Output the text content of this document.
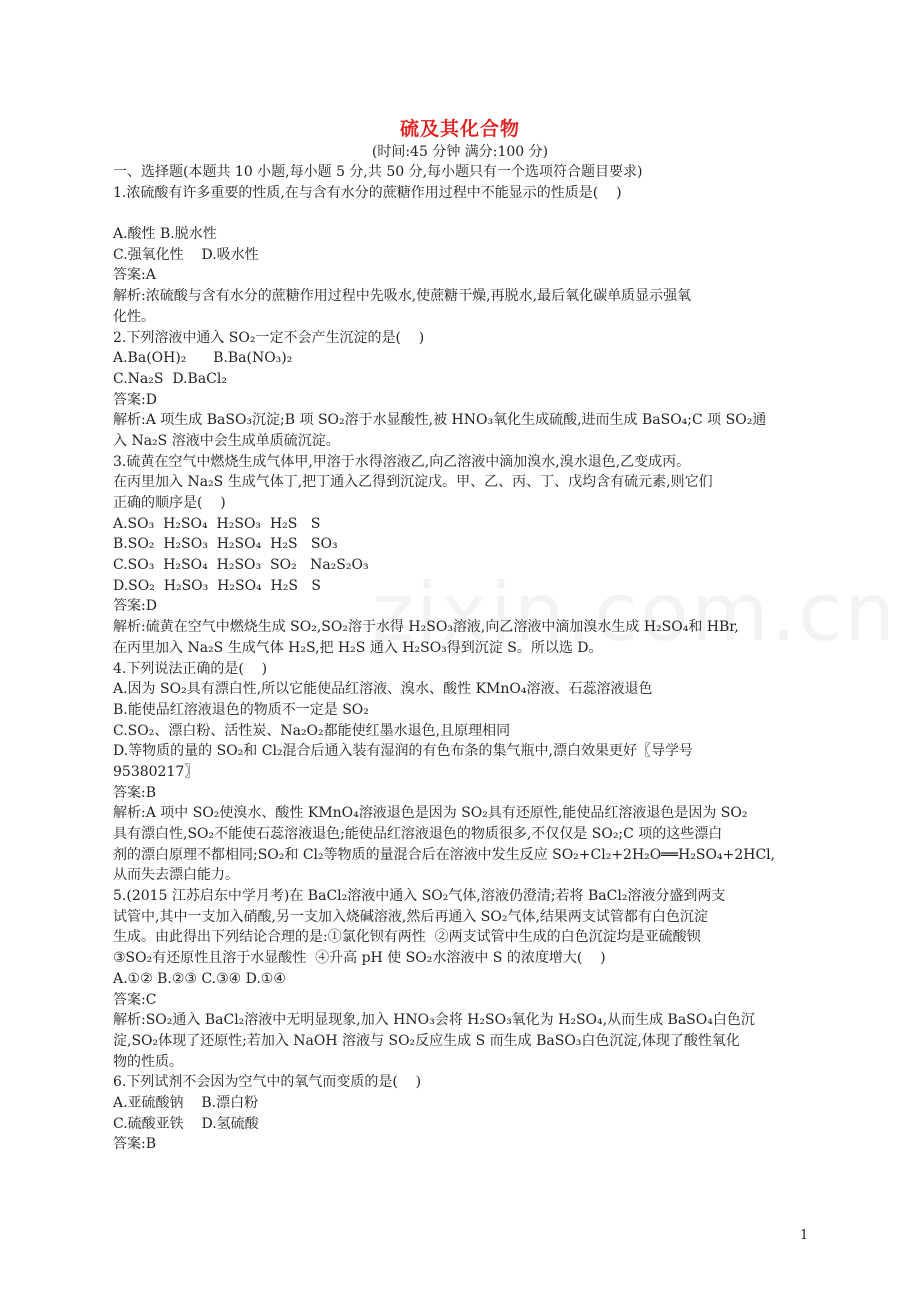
硫及其化合物
(时间:45 分钟 满分:100 分)
一、选择题(本题共 10 小题,每小题 5 分,共 50 分,每小题只有一个选项符合题目要求)
1.浓硫酸有许多重要的性质,在与含有水分的蔗糖作用过程中不能显示的性质是(    )
A.酸性 B.脱水性
C.强氧化性    D.吸水性
答案:A
解析:浓硫酸与含有水分的蔗糖作用过程中先吸水,使蔗糖干燥,再脱水,最后氧化碳单质显示强氧
化性。
2.下列溶液中通入 SO₂一定不会产生沉淀的是(    )
A.Ba(OH)₂      B.Ba(NO₃)₂
C.Na₂S  D.BaCl₂
答案:D
解析:A 项生成 BaSO₃沉淀;B 项 SO₂溶于水显酸性,被 HNO₃氧化生成硫酸,进而生成 BaSO₄;C 项 SO₂通
入 Na₂S 溶液中会生成单质硫沉淀。
3.硫黄在空气中燃烧生成气体甲,甲溶于水得溶液乙,向乙溶液中滴加溴水,溴水退色,乙变成丙。
在丙里加入 Na₂S 生成气体丁,把丁通入乙得到沉淀戊。甲、乙、丙、丁、戊均含有硫元素,则它们
正确的顺序是(    )
A.SO₃  H₂SO₄  H₂SO₃  H₂S   S
B.SO₂  H₂SO₃  H₂SO₄  H₂S   SO₃
C.SO₃  H₂SO₄  H₂SO₃  SO₂   Na₂S₂O₃
D.SO₂  H₂SO₃  H₂SO₄  H₂S   S
答案:D
解析:硫黄在空气中燃烧生成 SO₂,SO₂溶于水得 H₂SO₃溶液,向乙溶液中滴加溴水生成 H₂SO₄和 HBr,
在丙里加入 Na₂S 生成气体 H₂S,把 H₂S 通入 H₂SO₃得到沉淀 S。所以选 D。
4.下列说法正确的是(    )
A.因为 SO₂具有漂白性,所以它能使品红溶液、溴水、酸性 KMnO₄溶液、石蕊溶液退色
B.能使品红溶液退色的物质不一定是 SO₂
C.SO₂、漂白粉、活性炭、Na₂O₂都能使红墨水退色,且原理相同
D.等物质的量的 SO₂和 Cl₂混合后通入装有湿润的有色布条的集气瓶中,漂白效果更好〖导学号
95380217〗
答案:B
解析:A 项中 SO₂使溴水、酸性 KMnO₄溶液退色是因为 SO₂具有还原性,能使品红溶液退色是因为 SO₂
具有漂白性,SO₂不能使石蕊溶液退色;能使品红溶液退色的物质很多,不仅仅是 SO₂;C 项的这些漂白
剂的漂白原理不都相同;SO₂和 Cl₂等物质的量混合后在溶液中发生反应 SO₂+Cl₂+2H₂O══H₂SO₄+2HCl,
从而失去漂白能力。
5.(2015 江苏启东中学月考)在 BaCl₂溶液中通入 SO₂气体,溶液仍澄清;若将 BaCl₂溶液分盛到两支
试管中,其中一支加入硝酸,另一支加入烧碱溶液,然后再通入 SO₂气体,结果两支试管都有白色沉淀
生成。由此得出下列结论合理的是:①氯化钡有两性  ②两支试管中生成的白色沉淀均是亚硫酸钡
③SO₂有还原性且溶于水显酸性  ④升高 pH 使 SO₂水溶液中 S 的浓度增大(    )
A.①② B.②③ C.③④ D.①④
答案:C
解析:SO₂通入 BaCl₂溶液中无明显现象,加入 HNO₃会将 H₂SO₃氧化为 H₂SO₄,从而生成 BaSO₄白色沉
淀,SO₂体现了还原性;若加入 NaOH 溶液与 SO₂反应生成 S 而生成 BaSO₃白色沉淀,体现了酸性氧化
物的性质。
6.下列试剂不会因为空气中的氧气而变质的是(    )
A.亚硫酸钠    B.漂白粉
C.硫酸亚铁    D.氢硫酸
答案:B
1
